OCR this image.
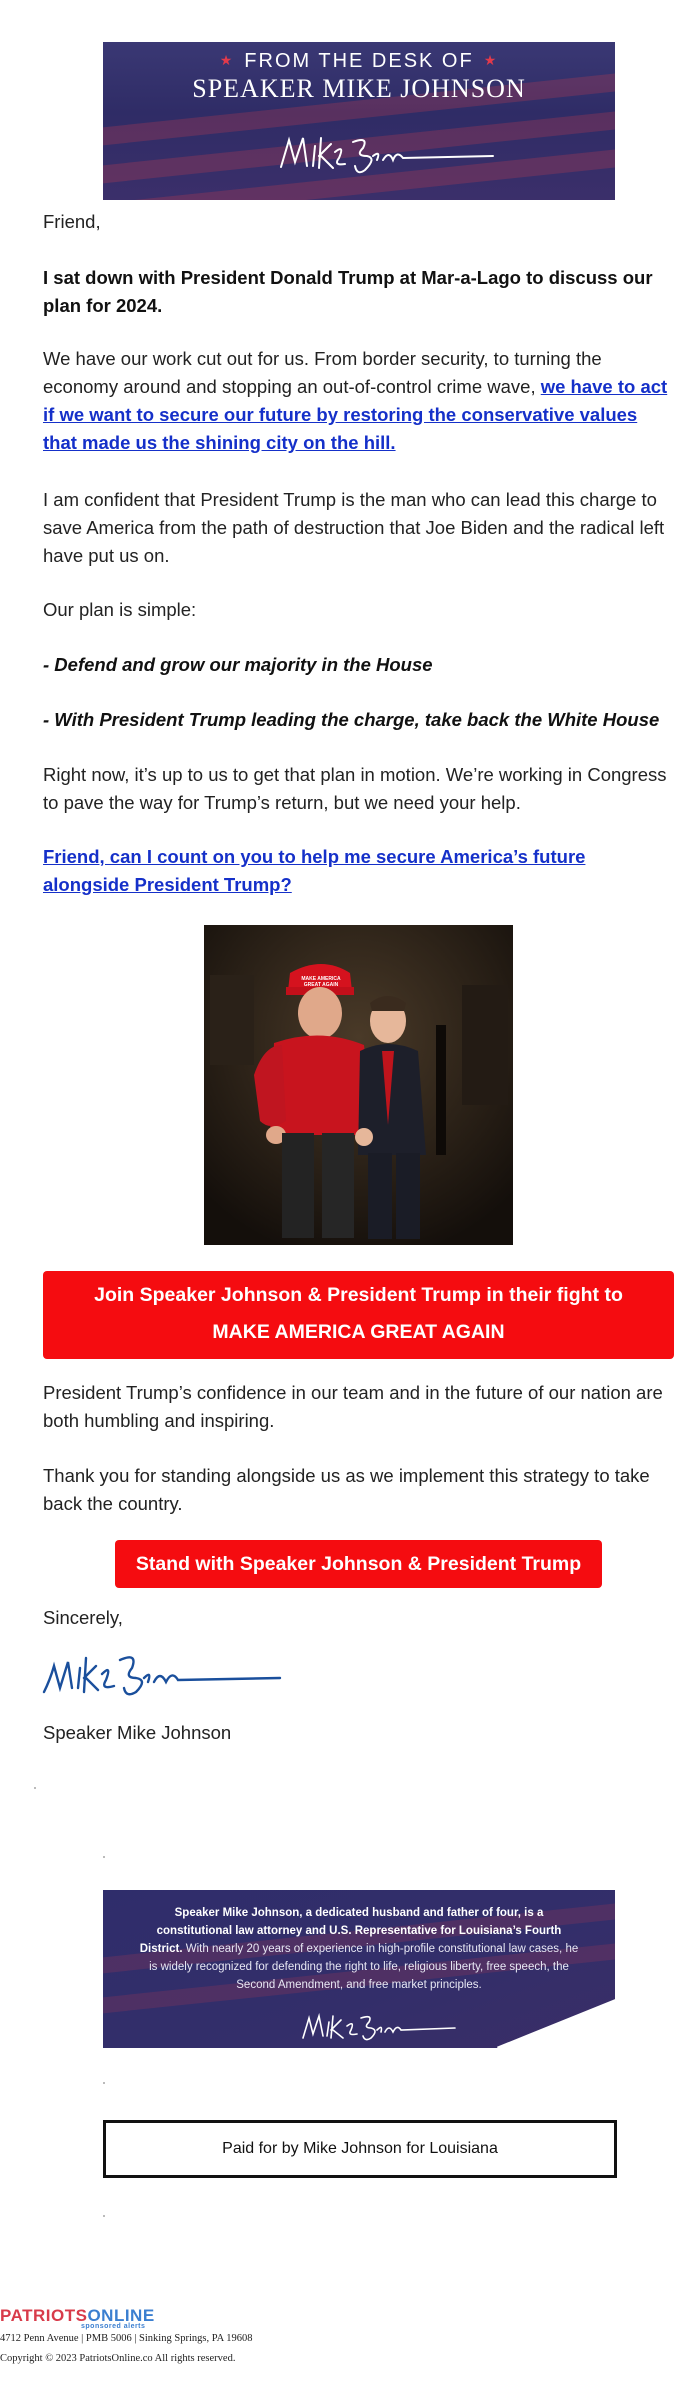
★ FROM THE DESK OF ★
SPEAKER MIKE JOHNSON
Friend,
I sat down with President Donald Trump at Mar-a-Lago to discuss our plan for 2024.
We have our work cut out for us. From border security, to turning the economy around and stopping an out-of-control crime wave, we have to act if we want to secure our future by restoring the conservative values that made us the shining city on the hill.
I am confident that President Trump is the man who can lead this charge to save America from the path of destruction that Joe Biden and the radical left have put us on.
Our plan is simple:
- Defend and grow our majority in the House
- With President Trump leading the charge, take back the White House
Right now, it’s up to us to get that plan in motion. We’re working in Congress to pave the way for Trump’s return, but we need your help.
Friend, can I count on you to help me secure America’s future alongside President Trump?
MAKE AMERICA GREAT AGAIN
Join Speaker Johnson & President Trump in their fight to
MAKE AMERICA GREAT AGAIN
President Trump’s confidence in our team and in the future of our nation are both humbling and inspiring.
Thank you for standing alongside us as we implement this strategy to take back the country.
Stand with Speaker Johnson & President Trump
Sincerely,
Speaker Mike Johnson
Speaker Mike Johnson, a dedicated husband and father of four, is a constitutional law attorney and U.S. Representative for Louisiana’s Fourth District. With nearly 20 years of experience in high-profile constitutional law cases, he is widely recognized for defending the right to life, religious liberty, free speech, the Second Amendment, and free market principles.
Paid for by Mike Johnson for Louisiana
PATRIOTSONLINE
sponsored alerts
4712 Penn Avenue | PMB 5006 | Sinking Springs, PA 19608
Copyright © 2023 PatriotsOnline.co All rights reserved.
